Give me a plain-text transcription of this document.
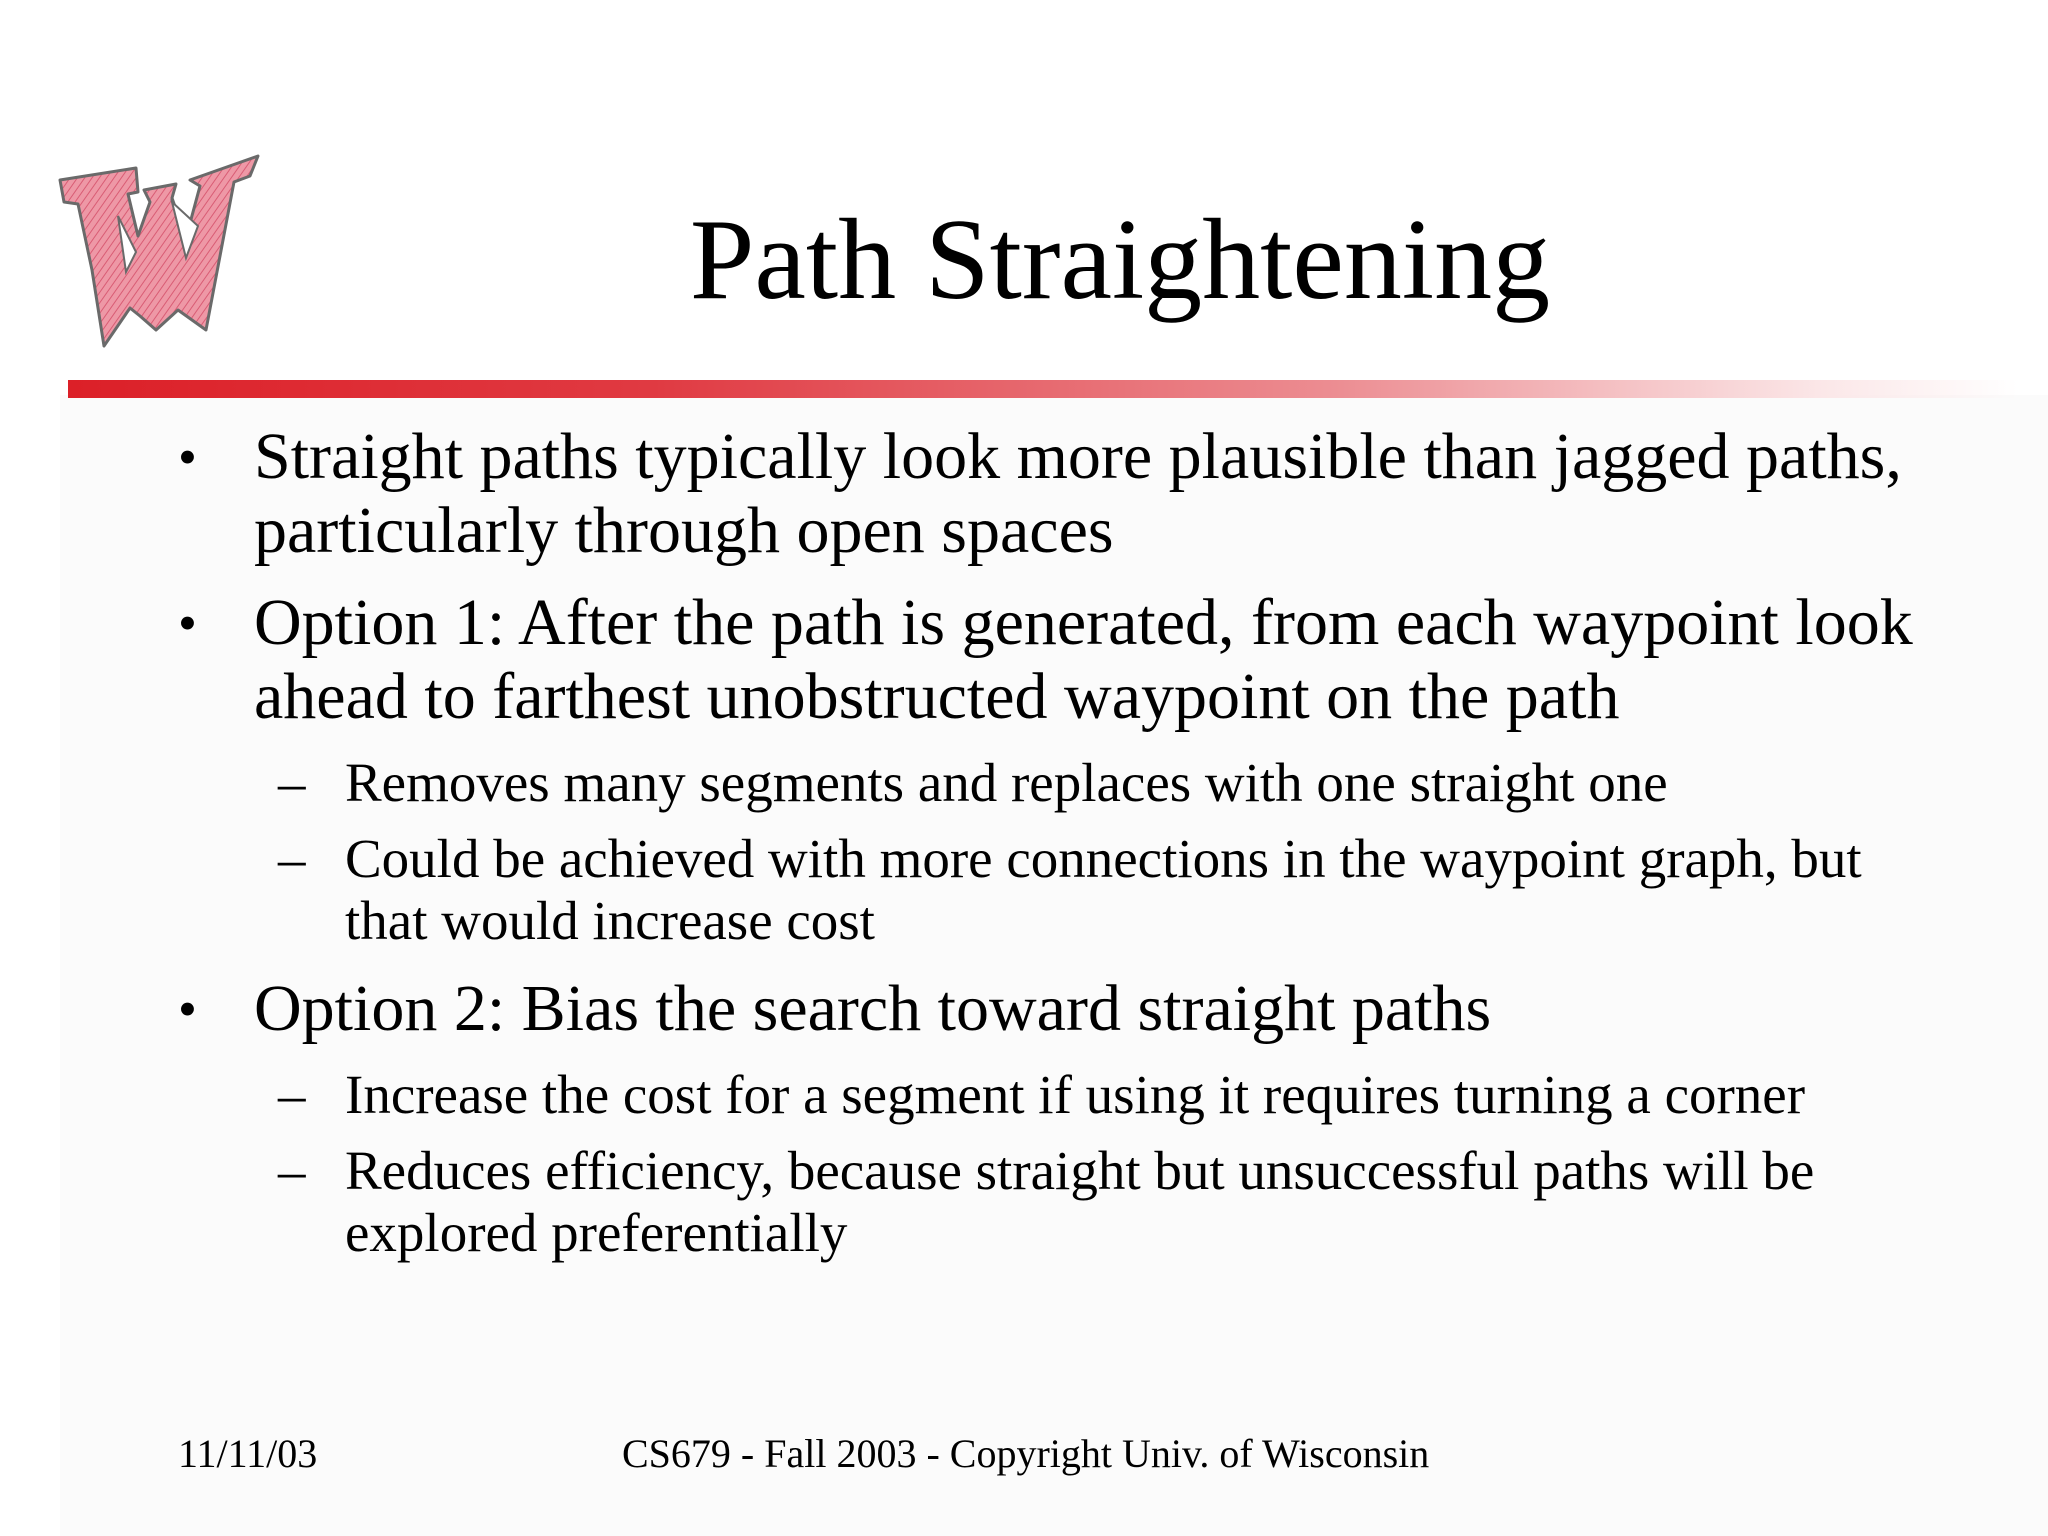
Path Straightening
• Straight paths typically look more plausible than jagged paths, particularly through open spaces
• Option 1: After the path is generated, from each waypoint look ahead to farthest unobstructed waypoint on the path
– Removes many segments and replaces with one straight one
– Could be achieved with more connections in the waypoint graph, but that would increase cost
• Option 2: Bias the search toward straight paths
– Increase the cost for a segment if using it requires turning a corner
– Reduces efficiency, because straight but unsuccessful paths will be explored preferentially
11/11/03	CS679 - Fall 2003 - Copyright Univ. of Wisconsin
